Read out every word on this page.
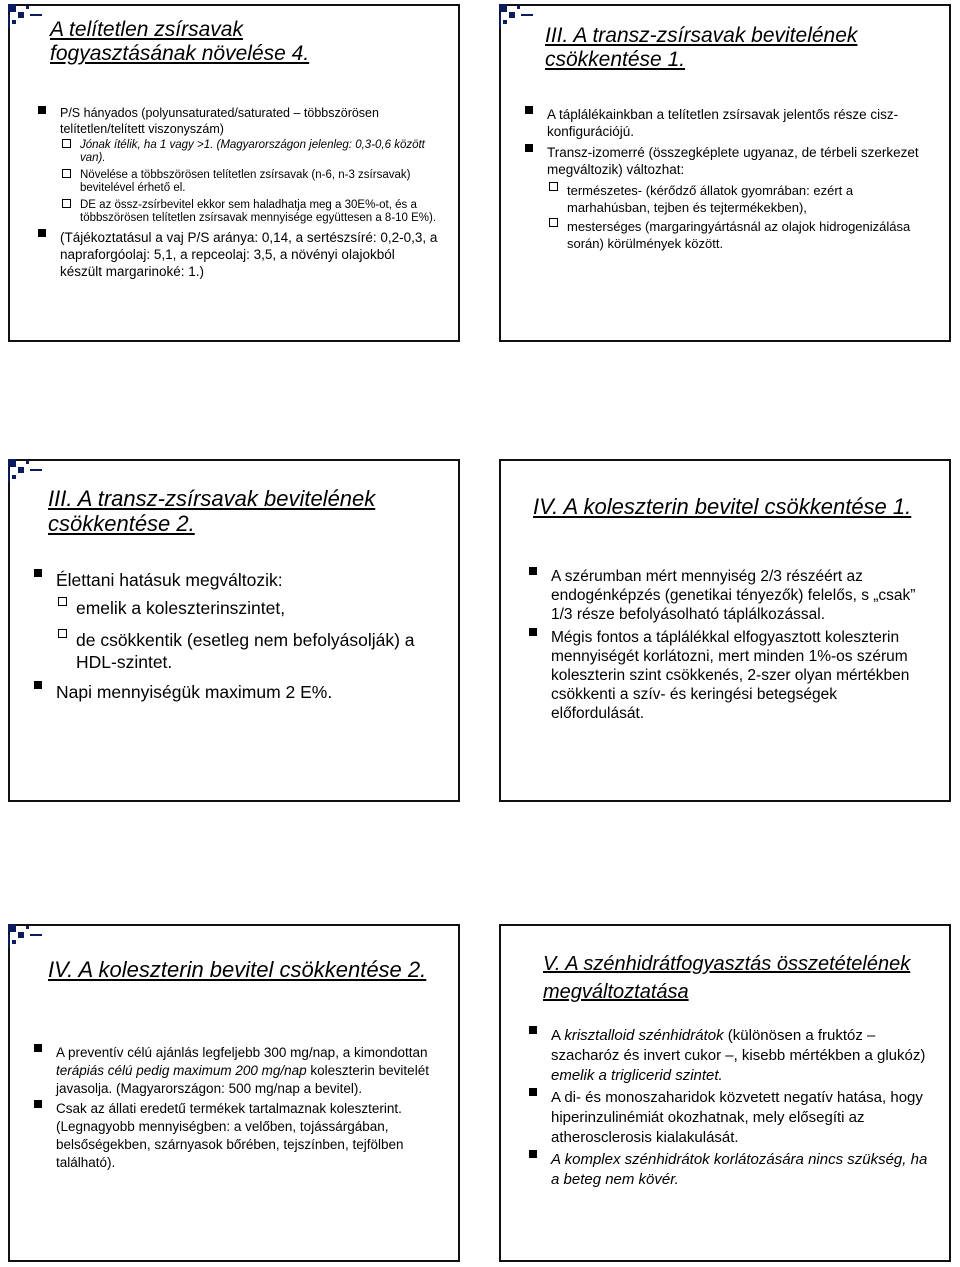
A telítetlen zsírsavak fogyasztásának növelése 4.
P/S hányados (polyunsaturated/saturated – többszörösen telítetlen/telített viszonyszám)
Jónak ítélik, ha 1 vagy >1. (Magyarországon jelenleg: 0,3-0,6 között van).
Növelése a többszörösen telítetlen zsírsavak (n-6, n-3 zsírsavak) bevitelével érhető el.
DE az össz-zsírbevitel ekkor sem haladhatja meg a 30E%-ot, és a többszörösen telítetlen zsírsavak mennyisége együttesen a 8-10 E%).
(Tájékoztatásul a vaj P/S aránya: 0,14, a sertészsíré: 0,2-0,3, a napraforgóolaj: 5,1, a repceolaj: 3,5, a növényi olajokból készült margarinoké: 1.)
III. A transz-zsírsavak bevitelének csökkentése 1.
A táplálékainkban a telítetlen zsírsavak jelentős része cisz-konfigurációjú.
Transz-izomerré (összegképlete ugyanaz, de térbeli szerkezet megváltozik) változhat:
természetes- (kérődző állatok gyomrában: ezért a marhahúsban, tejben és tejtermékekben),
mesterséges (margaringyártásnál az olajok hidrogenizálása során) körülmények között.
III. A transz-zsírsavak bevitelének csökkentése 2.
Élettani hatásuk megváltozik:
emelik a koleszterinszintet,
de csökkentik (esetleg nem befolyásolják) a HDL-szintet.
Napi mennyiségük maximum 2 E%.
IV. A koleszterin bevitel csökkentése 1.
A szérumban mért mennyiség 2/3 részéért az endogénképzés (genetikai tényezők) felelős, s „csak” 1/3 része befolyásolható táplálkozással.
Mégis fontos a táplálékkal elfogyasztott koleszterin mennyiségét korlátozni, mert minden 1%-os szérum koleszterin szint csökkenés, 2-szer olyan mértékben csökkenti a szív- és keringési betegségek előfordulását.
IV. A koleszterin bevitel csökkentése 2.
A preventív célú ajánlás legfeljebb 300 mg/nap, a kimondottan terápiás célú pedig maximum 200 mg/nap koleszterin bevitelét javasolja. (Magyarországon: 500 mg/nap a bevitel).
Csak az állati eredetű termékek tartalmaznak koleszterint. (Legnagyobb mennyiségben: a velőben, tojássárgában, belsőségekben, szárnyasok bőrében, tejszínben, tejfölben található).
V. A szénhidrátfogyasztás összetételének megváltoztatása
A krisztalloid szénhidrátok (különösen a fruktóz –szacharóz és invert cukor –, kisebb mértékben a glukóz) emelik a triglicerid szintet.
A di- és monoszaharidok közvetett negatív hatása, hogy hiperinzulinémiát okozhatnak, mely elősegíti az atherosclerosis kialakulását.
A komplex szénhidrátok korlátozására nincs szükség, ha a beteg nem kövér.
